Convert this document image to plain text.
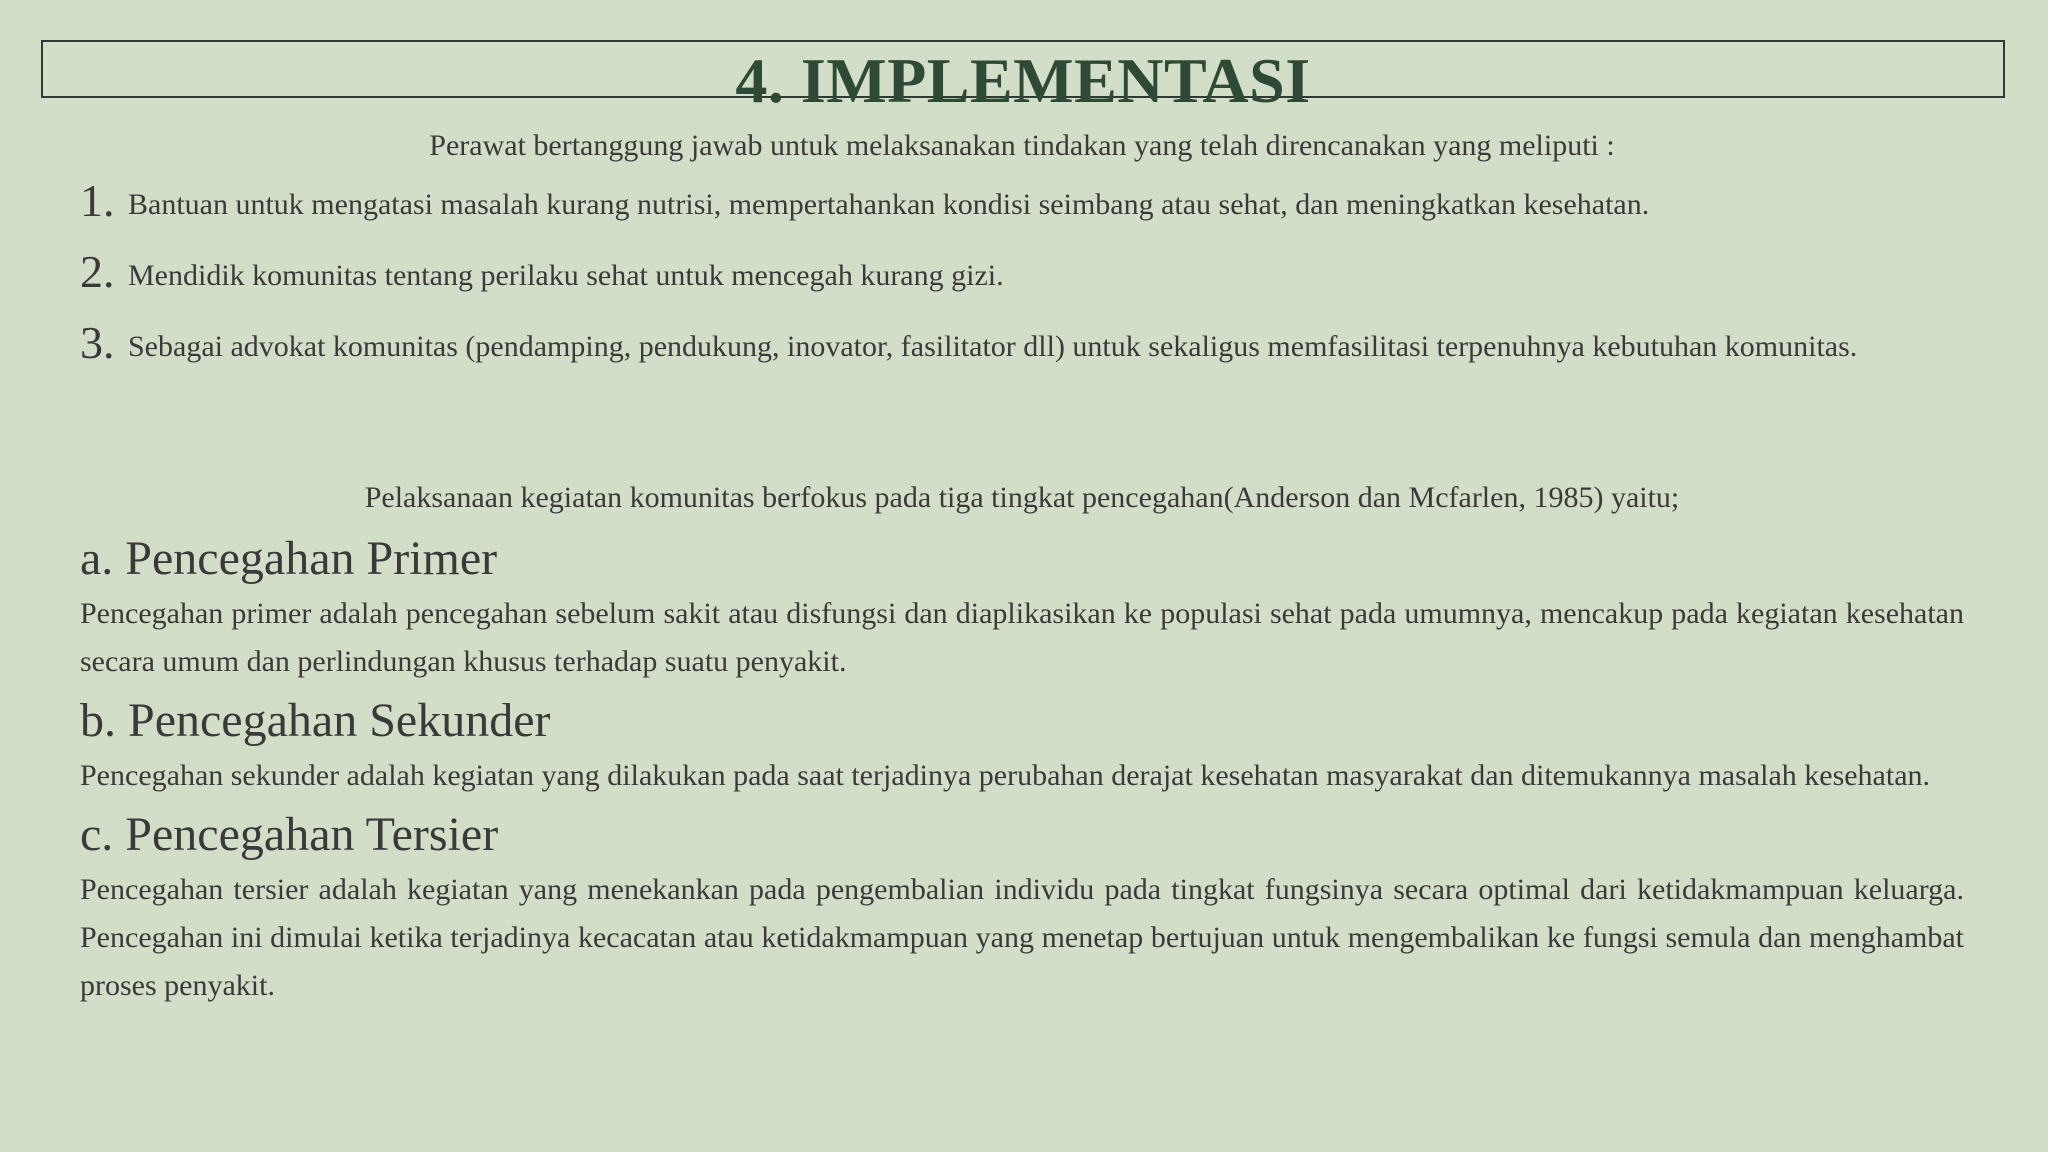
4. IMPLEMENTASI
Perawat bertanggung jawab untuk melaksanakan tindakan yang telah direncanakan yang meliputi :
1. Bantuan untuk mengatasi masalah kurang nutrisi, mempertahankan kondisi seimbang atau sehat, dan meningkatkan kesehatan.
2. Mendidik komunitas tentang perilaku sehat untuk mencegah kurang gizi.
3. Sebagai advokat komunitas (pendamping, pendukung, inovator, fasilitator dll) untuk sekaligus memfasilitasi terpenuhnya kebutuhan komunitas.
Pelaksanaan kegiatan komunitas berfokus pada tiga tingkat pencegahan(Anderson dan Mcfarlen, 1985) yaitu;
a. Pencegahan Primer

Pencegahan primer adalah pencegahan sebelum sakit atau disfungsi dan diaplikasikan ke populasi sehat pada umumnya, mencakup pada kegiatan kesehatan secara umum dan perlindungan khusus terhadap suatu penyakit.

b. Pencegahan Sekunder

Pencegahan sekunder adalah kegiatan yang dilakukan pada saat terjadinya perubahan derajat kesehatan masyarakat dan ditemukannya masalah kesehatan.

c. Pencegahan Tersier

Pencegahan tersier adalah kegiatan yang menekankan pada pengembalian individu pada tingkat fungsinya secara optimal dari ketidakmampuan keluarga. Pencegahan ini dimulai ketika terjadinya kecacatan atau ketidakmampuan yang menetap bertujuan untuk mengembalikan ke fungsi semula dan menghambat proses penyakit.
